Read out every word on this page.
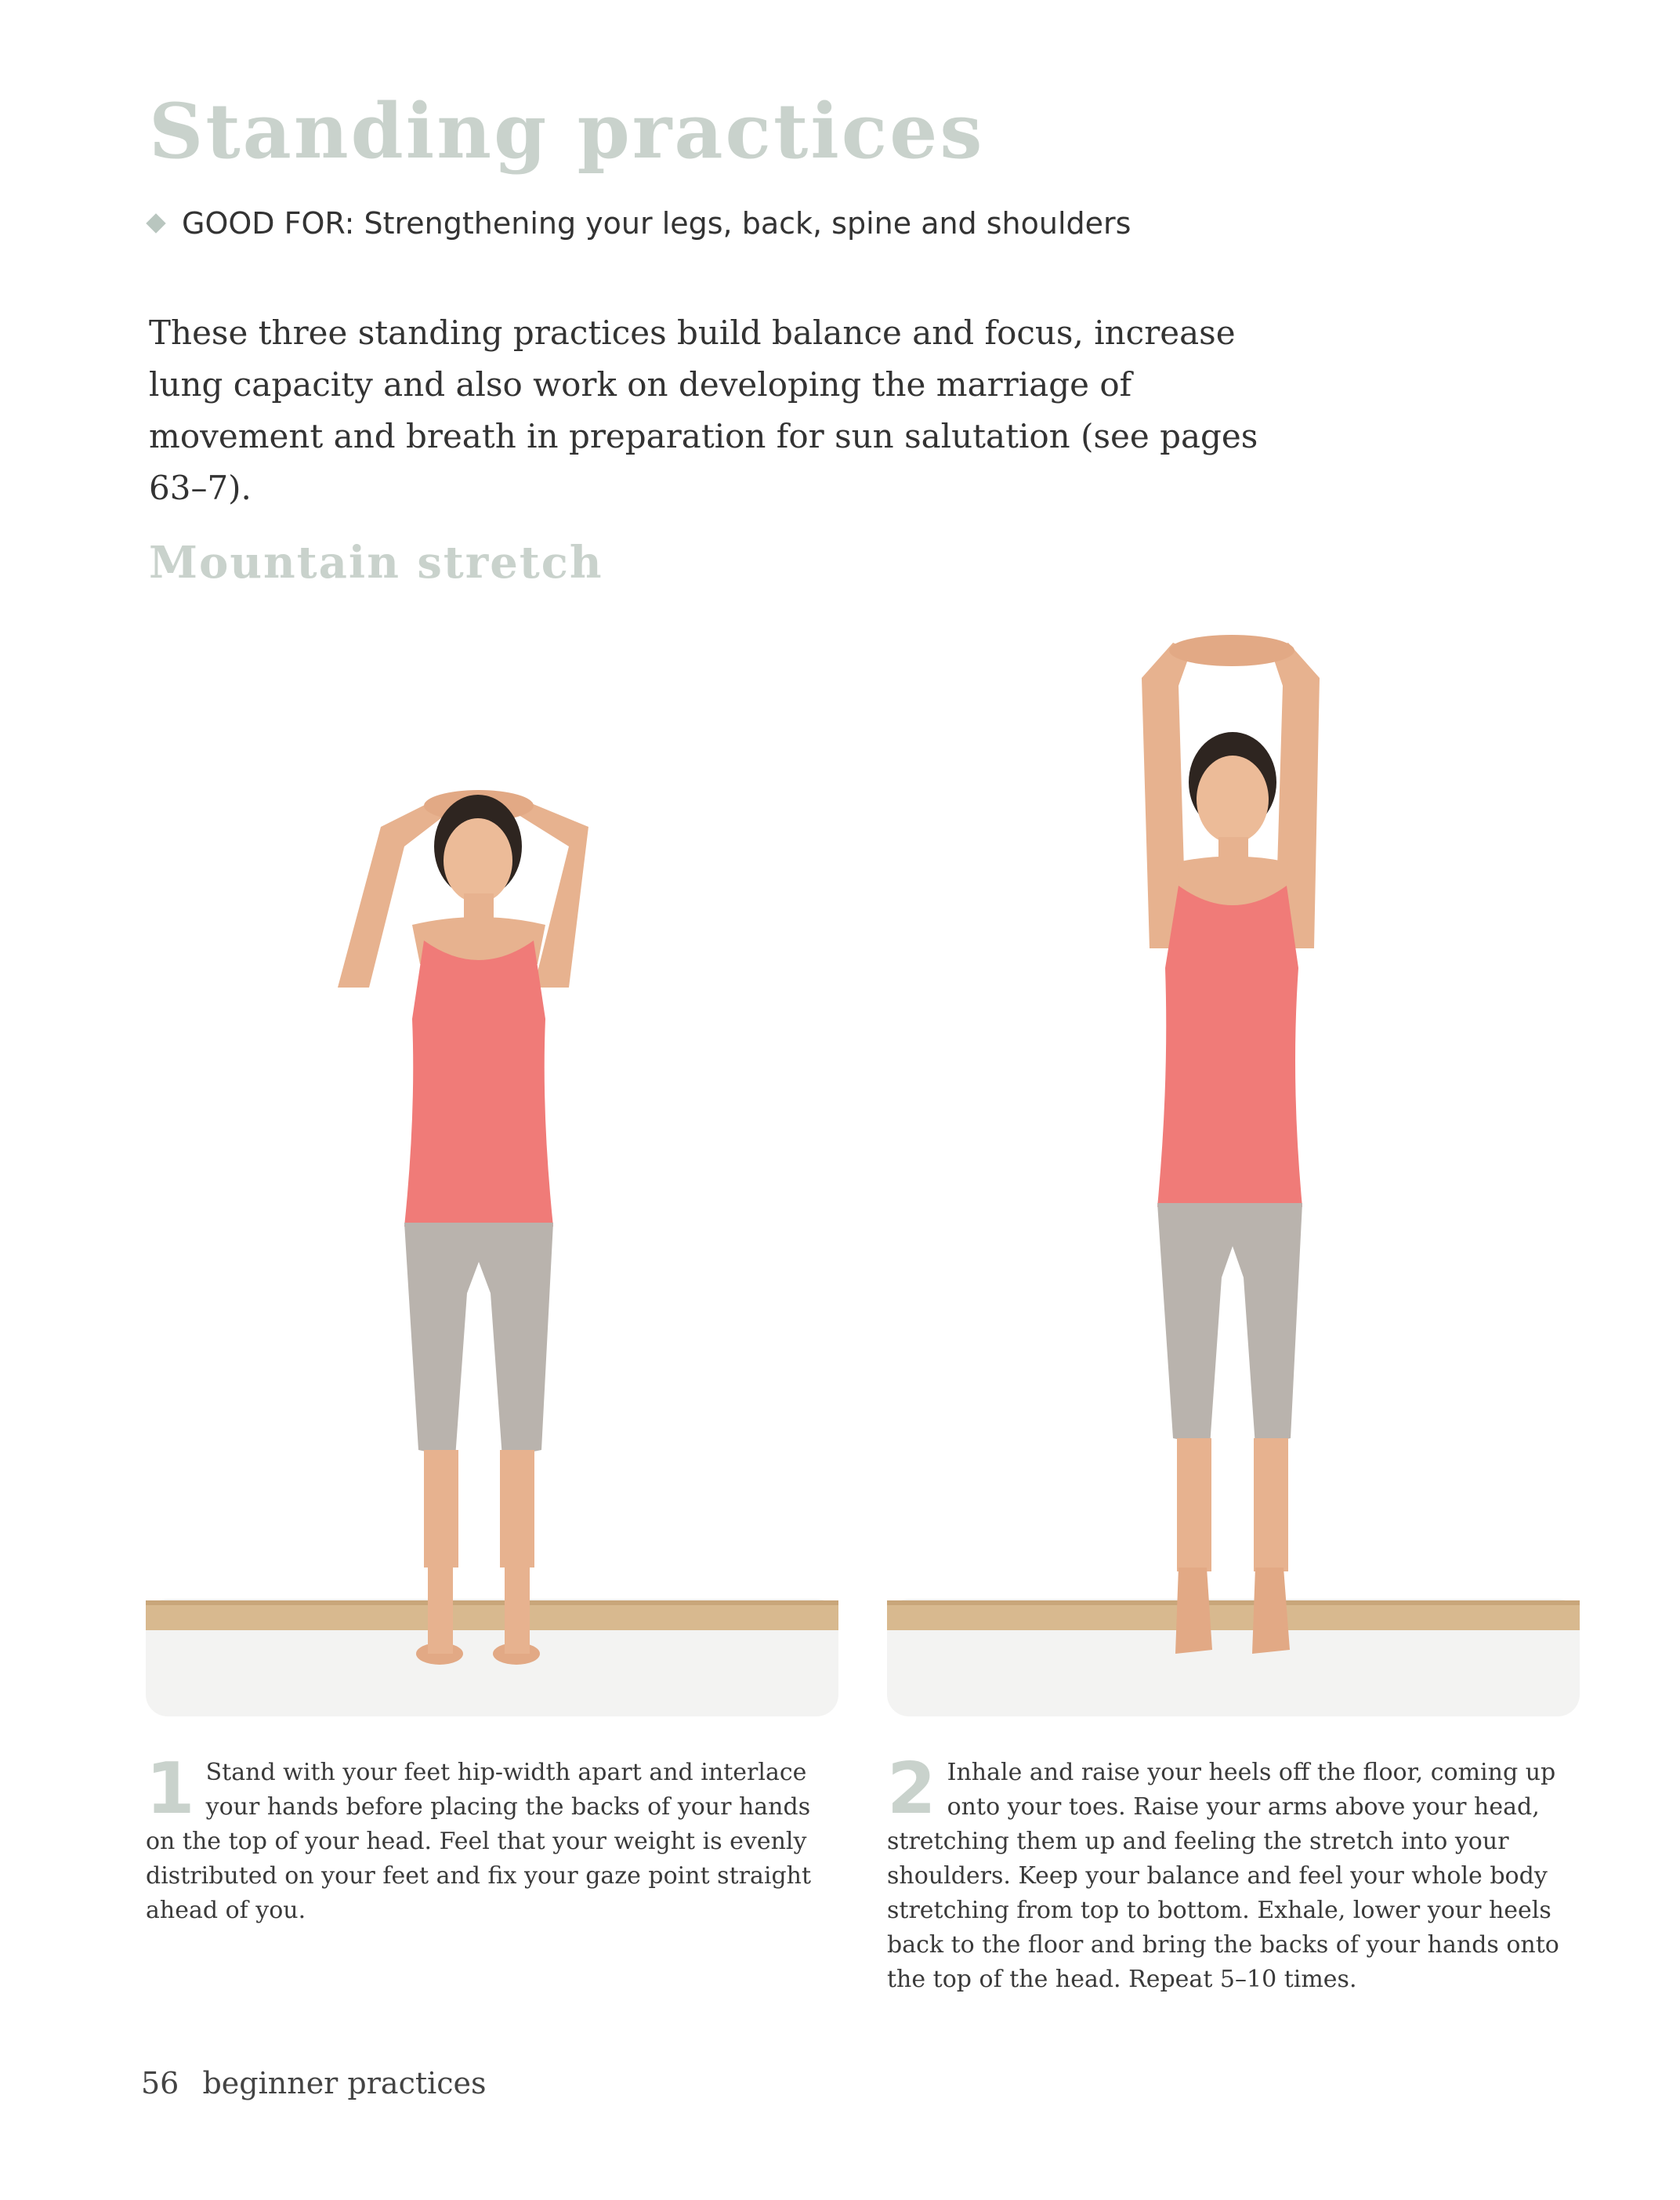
Standing practices
GOOD FOR: Strengthening your legs, back, spine and shoulders

These three standing practices build balance and focus, increase lung capacity and also work on developing the marriage of movement and breath in preparation for sun salutation (see pages 63–7).

Mountain stretch
1 Stand with your feet hip-width apart and interlace your hands before placing the backs of your hands on the top of your head. Feel that your weight is evenly distributed on your feet and fix your gaze point straight ahead of you.
2 Inhale and raise your heels off the floor, coming up onto your toes. Raise your arms above your head, stretching them up and feeling the stretch into your shoulders. Keep your balance and feel your whole body stretching from top to bottom. Exhale, lower your heels back to the floor and bring the backs of your hands onto the top of the head. Repeat 5–10 times.
56 beginner practices
